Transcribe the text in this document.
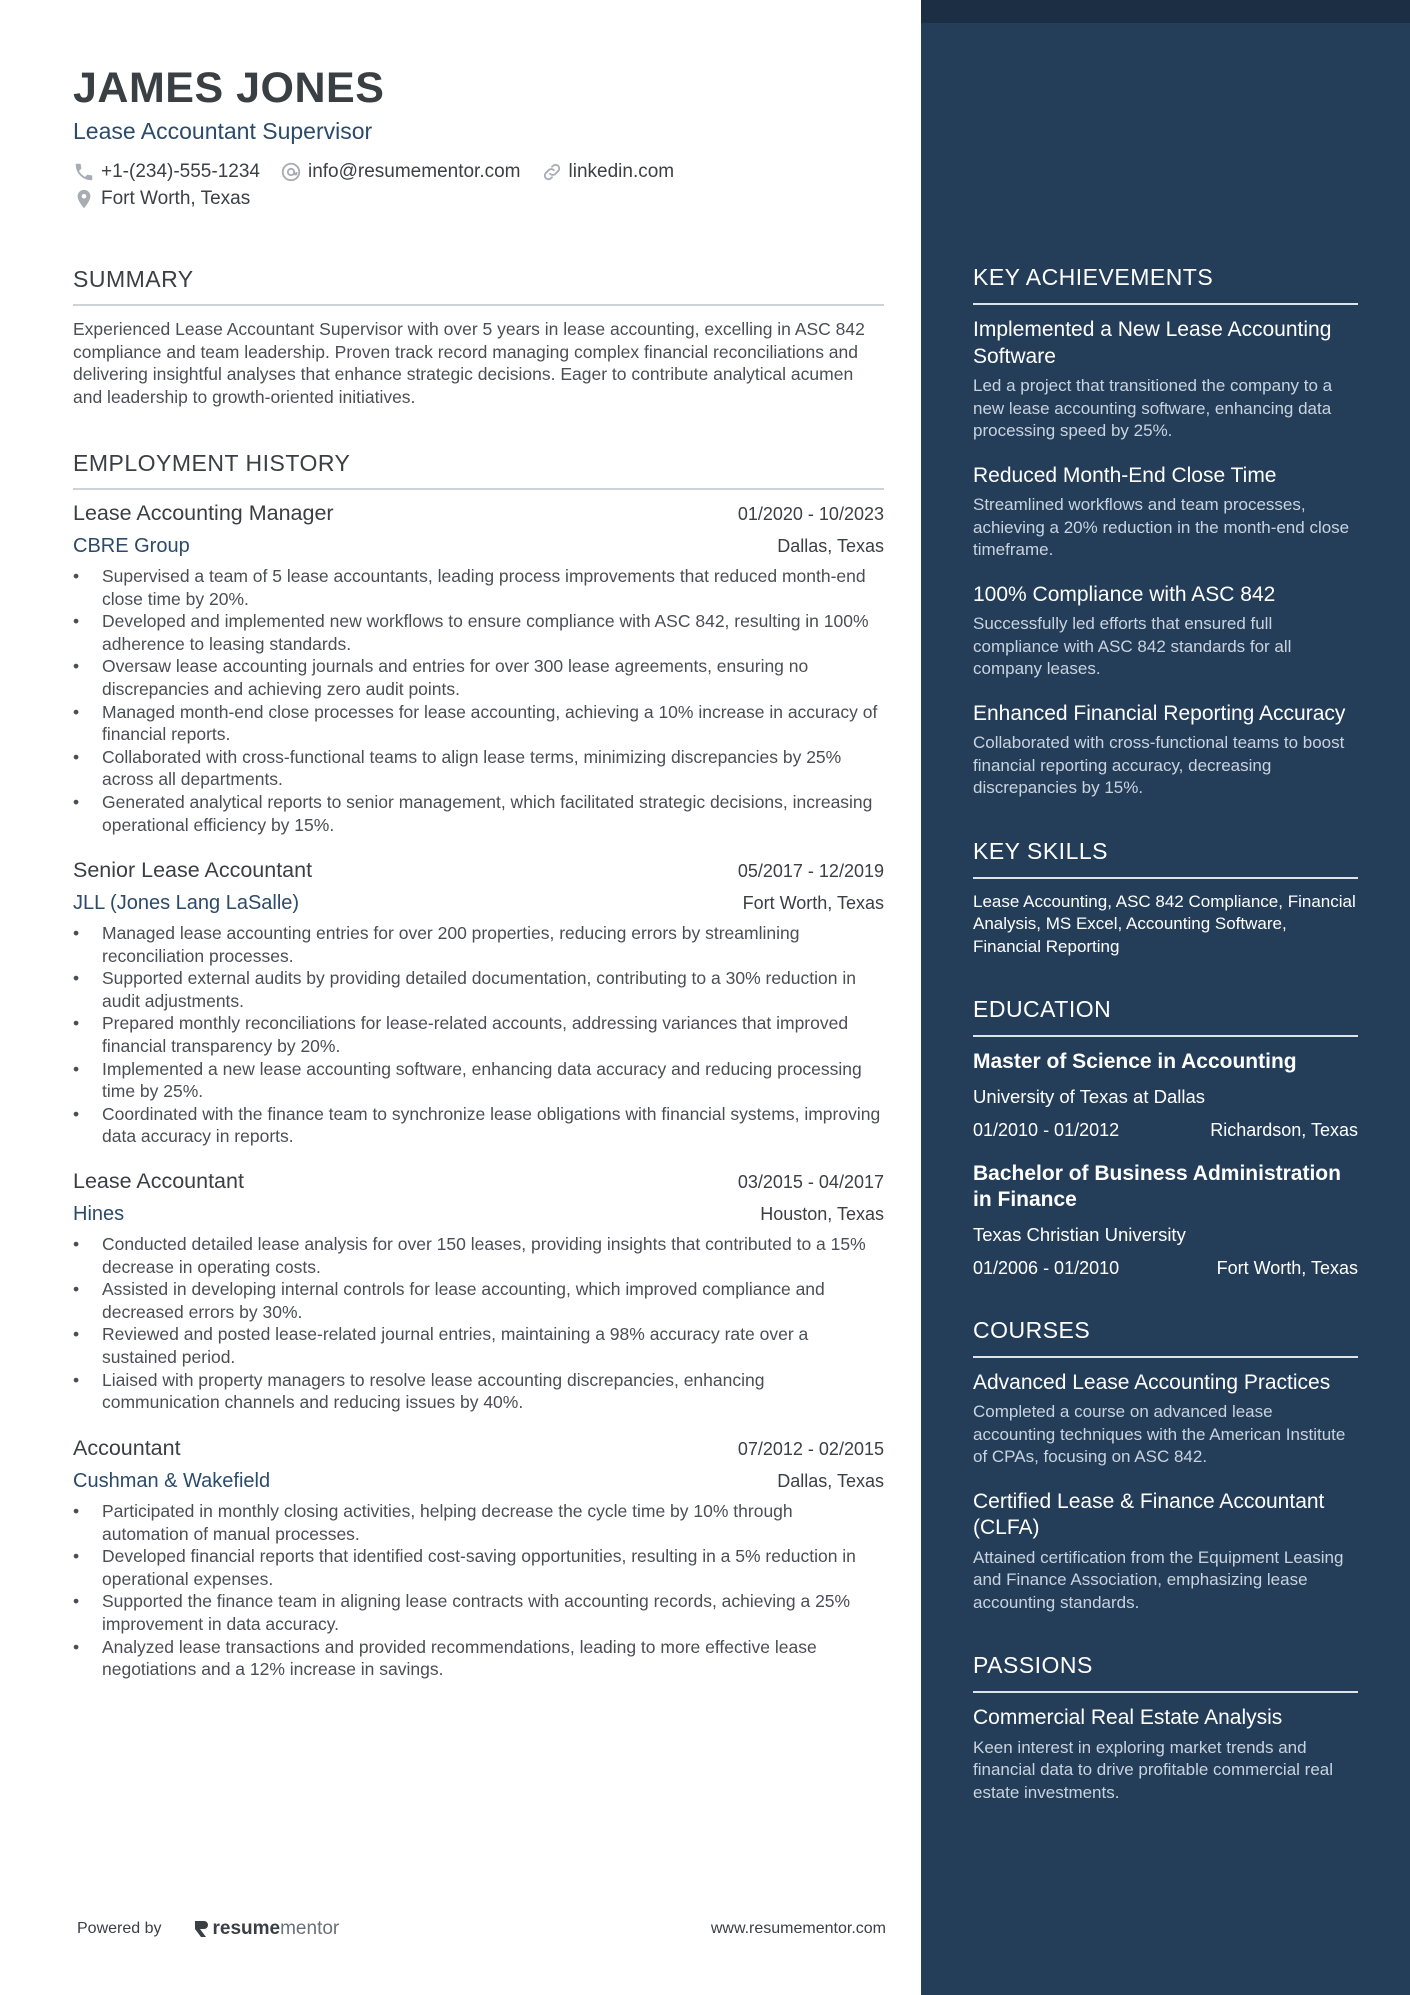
JAMES JONES
Lease Accountant Supervisor
+1-(234)-555-1234	info@resumementor.com	linkedin.com
Fort Worth, Texas
SUMMARY
Experienced Lease Accountant Supervisor with over 5 years in lease accounting, excelling in ASC 842 compliance and team leadership. Proven track record managing complex financial reconciliations and delivering insightful analyses that enhance strategic decisions. Eager to contribute analytical acumen and leadership to growth-oriented initiatives.
EMPLOYMENT HISTORY
Lease Accounting Manager	01/2020 - 10/2023
CBRE Group	Dallas, Texas
• Supervised a team of 5 lease accountants, leading process improvements that reduced month-end close time by 20%.
• Developed and implemented new workflows to ensure compliance with ASC 842, resulting in 100% adherence to leasing standards.
• Oversaw lease accounting journals and entries for over 300 lease agreements, ensuring no discrepancies and achieving zero audit points.
• Managed month-end close processes for lease accounting, achieving a 10% increase in accuracy of financial reports.
• Collaborated with cross-functional teams to align lease terms, minimizing discrepancies by 25% across all departments.
• Generated analytical reports to senior management, which facilitated strategic decisions, increasing operational efficiency by 15%.
Senior Lease Accountant	05/2017 - 12/2019
JLL (Jones Lang LaSalle)	Fort Worth, Texas
• Managed lease accounting entries for over 200 properties, reducing errors by streamlining reconciliation processes.
• Supported external audits by providing detailed documentation, contributing to a 30% reduction in audit adjustments.
• Prepared monthly reconciliations for lease-related accounts, addressing variances that improved financial transparency by 20%.
• Implemented a new lease accounting software, enhancing data accuracy and reducing processing time by 25%.
• Coordinated with the finance team to synchronize lease obligations with financial systems, improving data accuracy in reports.
Lease Accountant	03/2015 - 04/2017
Hines	Houston, Texas
• Conducted detailed lease analysis for over 150 leases, providing insights that contributed to a 15% decrease in operating costs.
• Assisted in developing internal controls for lease accounting, which improved compliance and decreased errors by 30%.
• Reviewed and posted lease-related journal entries, maintaining a 98% accuracy rate over a sustained period.
• Liaised with property managers to resolve lease accounting discrepancies, enhancing communication channels and reducing issues by 40%.
Accountant	07/2012 - 02/2015
Cushman & Wakefield	Dallas, Texas
• Participated in monthly closing activities, helping decrease the cycle time by 10% through automation of manual processes.
• Developed financial reports that identified cost-saving opportunities, resulting in a 5% reduction in operational expenses.
• Supported the finance team in aligning lease contracts with accounting records, achieving a 25% improvement in data accuracy.
• Analyzed lease transactions and provided recommendations, leading to more effective lease negotiations and a 12% increase in savings.
Powered by	resume mentor	www.resumementor.com
KEY ACHIEVEMENTS
Implemented a New Lease Accounting Software
Led a project that transitioned the company to a new lease accounting software, enhancing data processing speed by 25%.
Reduced Month-End Close Time
Streamlined workflows and team processes, achieving a 20% reduction in the month-end close timeframe.
100% Compliance with ASC 842
Successfully led efforts that ensured full compliance with ASC 842 standards for all company leases.
Enhanced Financial Reporting Accuracy
Collaborated with cross-functional teams to boost financial reporting accuracy, decreasing discrepancies by 15%.
KEY SKILLS
Lease Accounting, ASC 842 Compliance, Financial Analysis, MS Excel, Accounting Software, Financial Reporting
EDUCATION
Master of Science in Accounting
University of Texas at Dallas
01/2010 - 01/2012	Richardson, Texas
Bachelor of Business Administration in Finance
Texas Christian University
01/2006 - 01/2010	Fort Worth, Texas
COURSES
Advanced Lease Accounting Practices
Completed a course on advanced lease accounting techniques with the American Institute of CPAs, focusing on ASC 842.
Certified Lease & Finance Accountant (CLFA)
Attained certification from the Equipment Leasing and Finance Association, emphasizing lease accounting standards.
PASSIONS
Commercial Real Estate Analysis
Keen interest in exploring market trends and financial data to drive profitable commercial real estate investments.
